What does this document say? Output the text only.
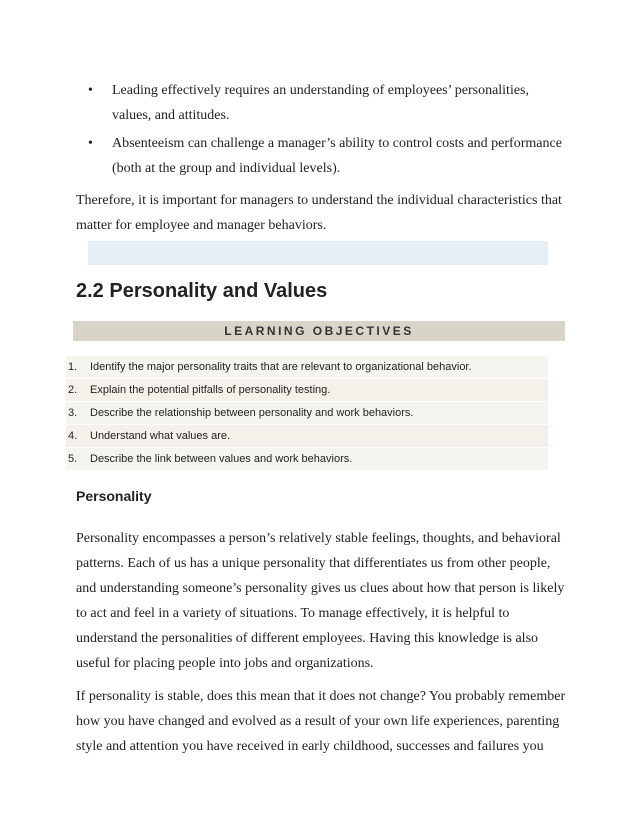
• Leading effectively requires an understanding of employees’ personalities, values, and attitudes.
• Absenteeism can challenge a manager’s ability to control costs and performance (both at the group and individual levels).

Therefore, it is important for managers to understand the individual characteristics that matter for employee and manager behaviors.

2.2 Personality and Values
LEARNING OBJECTIVES
1. Identify the major personality traits that are relevant to organizational behavior.
2. Explain the potential pitfalls of personality testing.
3. Describe the relationship between personality and work behaviors.
4. Understand what values are.
5. Describe the link between values and work behaviors.
Personality

Personality encompasses a person’s relatively stable feelings, thoughts, and behavioral patterns. Each of us has a unique personality that differentiates us from other people, and understanding someone’s personality gives us clues about how that person is likely to act and feel in a variety of situations. To manage effectively, it is helpful to understand the personalities of different employees. Having this knowledge is also useful for placing people into jobs and organizations.

If personality is stable, does this mean that it does not change? You probably remember how you have changed and evolved as a result of your own life experiences, parenting style and attention you have received in early childhood, successes and failures you
